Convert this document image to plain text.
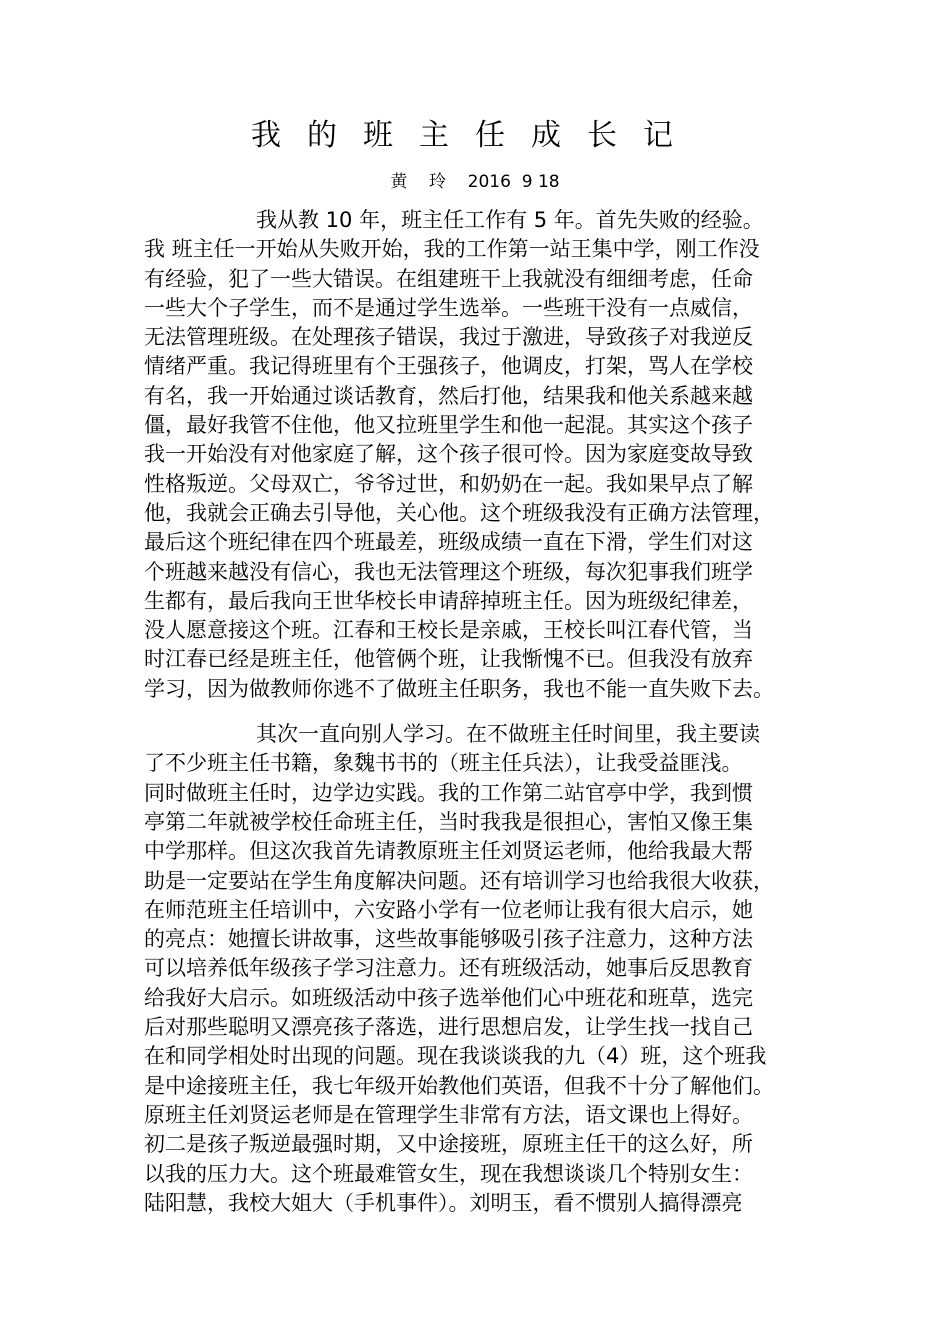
我的班主任成长记
黄    玲    2016  9 18
我从教 10 年，班主任工作有 5 年。首先失败的经验。
我 班主任一开始从失败开始，我的工作第一站王集中学，刚工作没
有经验，犯了一些大错误。在组建班干上我就没有细细考虑，任命
一些大个子学生，而不是通过学生选举。一些班干没有一点威信，
无法管理班级。在处理孩子错误，我过于激进，导致孩子对我逆反
情绪严重。我记得班里有个王强孩子，他调皮，打架，骂人在学校
有名，我一开始通过谈话教育，然后打他，结果我和他关系越来越
僵，最好我管不住他，他又拉班里学生和他一起混。其实这个孩子
我一开始没有对他家庭了解，这个孩子很可怜。因为家庭变故导致
性格叛逆。父母双亡，爷爷过世，和奶奶在一起。我如果早点了解
他，我就会正确去引导他，关心他。这个班级我没有正确方法管理，
最后这个班纪律在四个班最差，班级成绩一直在下滑，学生们对这
个班越来越没有信心，我也无法管理这个班级，每次犯事我们班学
生都有，最后我向王世华校长申请辞掉班主任。因为班级纪律差，
没人愿意接这个班。江春和王校长是亲戚，王校长叫江春代管，当
时江春已经是班主任，他管俩个班，让我惭愧不已。但我没有放弃
学习，因为做教师你逃不了做班主任职务，我也不能一直失败下去。
其次一直向别人学习。在不做班主任时间里，我主要读
了不少班主任书籍，象魏书书的（班主任兵法），让我受益匪浅。
同时做班主任时，边学边实践。我的工作第二站官亭中学，我到惯
亭第二年就被学校任命班主任，当时我我是很担心，害怕又像王集
中学那样。但这次我首先请教原班主任刘贤运老师，他给我最大帮
助是一定要站在学生角度解决问题。还有培训学习也给我很大收获，
在师范班主任培训中，六安路小学有一位老师让我有很大启示，她
的亮点：她擅长讲故事，这些故事能够吸引孩子注意力，这种方法
可以培养低年级孩子学习注意力。还有班级活动，她事后反思教育
给我好大启示。如班级活动中孩子选举他们心中班花和班草，选完
后对那些聪明又漂亮孩子落选，进行思想启发，让学生找一找自己
在和同学相处时出现的问题。现在我谈谈我的九（4）班，这个班我
是中途接班主任，我七年级开始教他们英语，但我不十分了解他们。
原班主任刘贤运老师是在管理学生非常有方法，语文课也上得好。
初二是孩子叛逆最强时期，又中途接班，原班主任干的这么好，所
以我的压力大。这个班最难管女生，现在我想谈谈几个特别女生：
陆阳慧，我校大姐大（手机事件）。刘明玉，看不惯别人搞得漂亮
